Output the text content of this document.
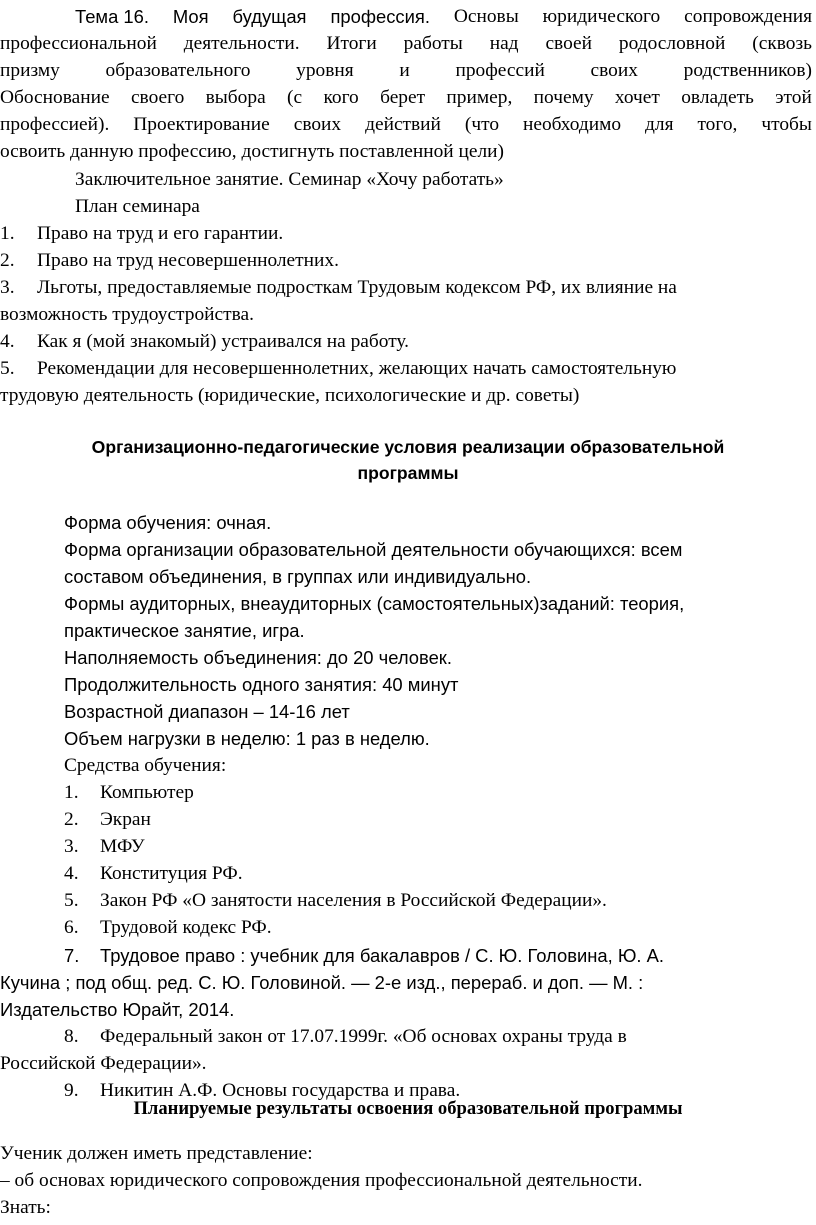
Тема 16. Моя будущая профессия. Основы юридического сопровождения
профессиональной деятельности. Итоги работы над своей родословной (сквозь
призму образовательного уровня и профессий своих родственников)
Обоснование своего выбора (с кого берет пример, почему хочет овладеть этой
профессией). Проектирование своих действий (что необходимо для того, чтобы
освоить данную профессию, достигнуть поставленной цели)
Заключительное занятие. Семинар «Хочу работать»
План семинара
1. Право на труд и его гарантии.
2. Право на труд несовершеннолетних.
3. Льготы, предоставляемые подросткам Трудовым кодексом РФ, их влияние на
возможность трудоустройства.
4. Как я (мой знакомый) устраивался на работу.
5. Рекомендации для несовершеннолетних, желающих начать самостоятельную
трудовую деятельность (юридические, психологические и др. советы)
Организационно-педагогические условия реализации образовательной
программы
Форма обучения: очная.
Форма организации образовательной деятельности обучающихся: всем
составом объединения, в группах или индивидуально.
Формы аудиторных, внеаудиторных (самостоятельных)заданий: теория,
практическое занятие, игра.
Наполняемость объединения: до 20 человек.
Продолжительность одного занятия: 40 минут
Возрастной диапазон – 14-16 лет
Объем нагрузки в неделю: 1 раз в неделю.
Средства обучения:
1. Компьютер
2. Экран
3. МФУ
4. Конституция РФ.
5. Закон РФ «О занятости населения в Российской Федерации».
6. Трудовой кодекс РФ.
7. Трудовое право : учебник для бакалавров / С. Ю. Головина, Ю. А.
Кучина ; под общ. ред. С. Ю. Головиной. — 2-е изд., перераб. и доп. — М. :
Издательство Юрайт, 2014.
8. Федеральный закон от 17.07.1999г. «Об основах охраны труда в
Российской Федерации».
9. Никитин А.Ф. Основы государства и права.
Планируемые результаты освоения образовательной программы
Ученик должен иметь представление:
– об основах юридического сопровождения профессиональной деятельности.
Знать:
